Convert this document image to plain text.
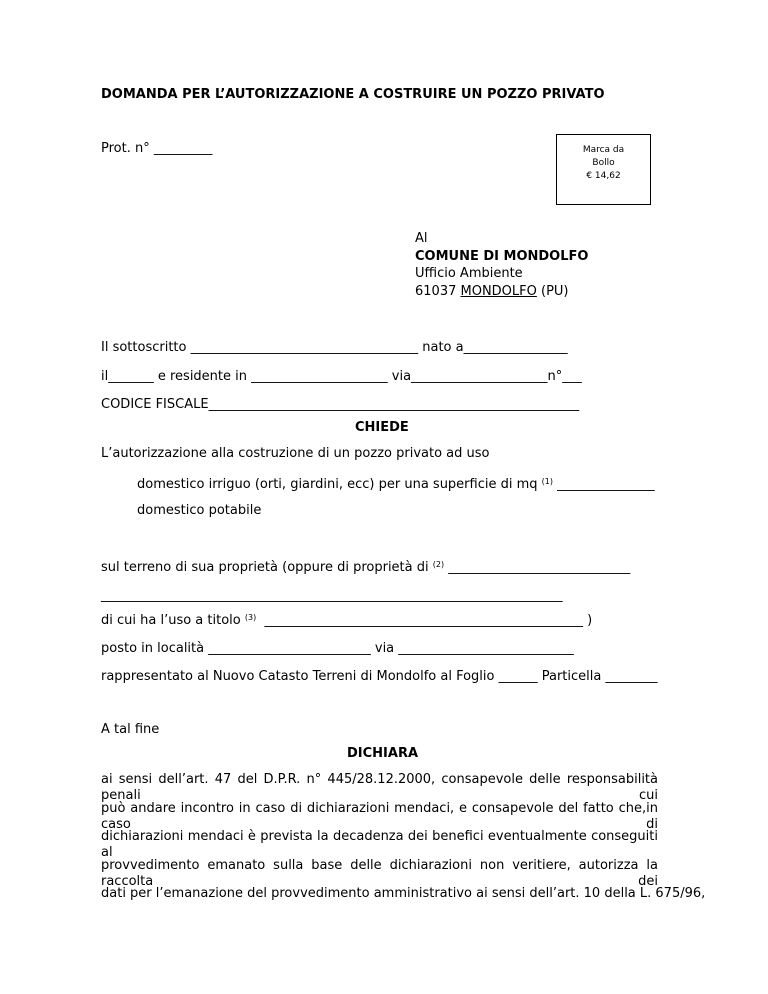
DOMANDA PER L’AUTORIZZAZIONE A COSTRUIRE UN POZZO PRIVATO
Prot. n° _________	Marca da
Bollo
€ 14,62
Al
COMUNE DI MONDOLFO
Ufficio Ambiente
61037 MONDOLFO (PU)
Il sottoscritto ___________________________________ nato a________________
il_______ e residente in _____________________ via_____________________n°___
CODICE FISCALE_________________________________________________________
CHIEDE
L’autorizzazione alla costruzione di un pozzo privato ad uso
domestico irriguo (orti, giardini, ecc) per una superficie di mq $^{(1)}$ _______________
domestico potabile
sul terreno di sua proprietà (oppure di proprietà di $^{(2)}$ ____________________________
_______________________________________________________________________
di cui ha l’uso a titolo $^{(3)}$  _________________________________________________ )
posto in località _________________________ via ___________________________
rappresentato al Nuovo Catasto Terreni di Mondolfo al Foglio ______ Particella ________
A tal fine
DICHIARA
ai sensi dell’art. 47 del D.P.R. n° 445/28.12.2000, consapevole delle responsabilità penali cui
può andare incontro in caso di dichiarazioni mendaci, e consapevole del fatto che,in caso di
dichiarazioni mendaci è prevista la decadenza dei benefici eventualmente conseguiti al
provvedimento emanato sulla base delle dichiarazioni non veritiere, autorizza la raccolta dei
dati per l’emanazione del provvedimento amministrativo ai sensi dell’art. 10 della L. 675/96,
